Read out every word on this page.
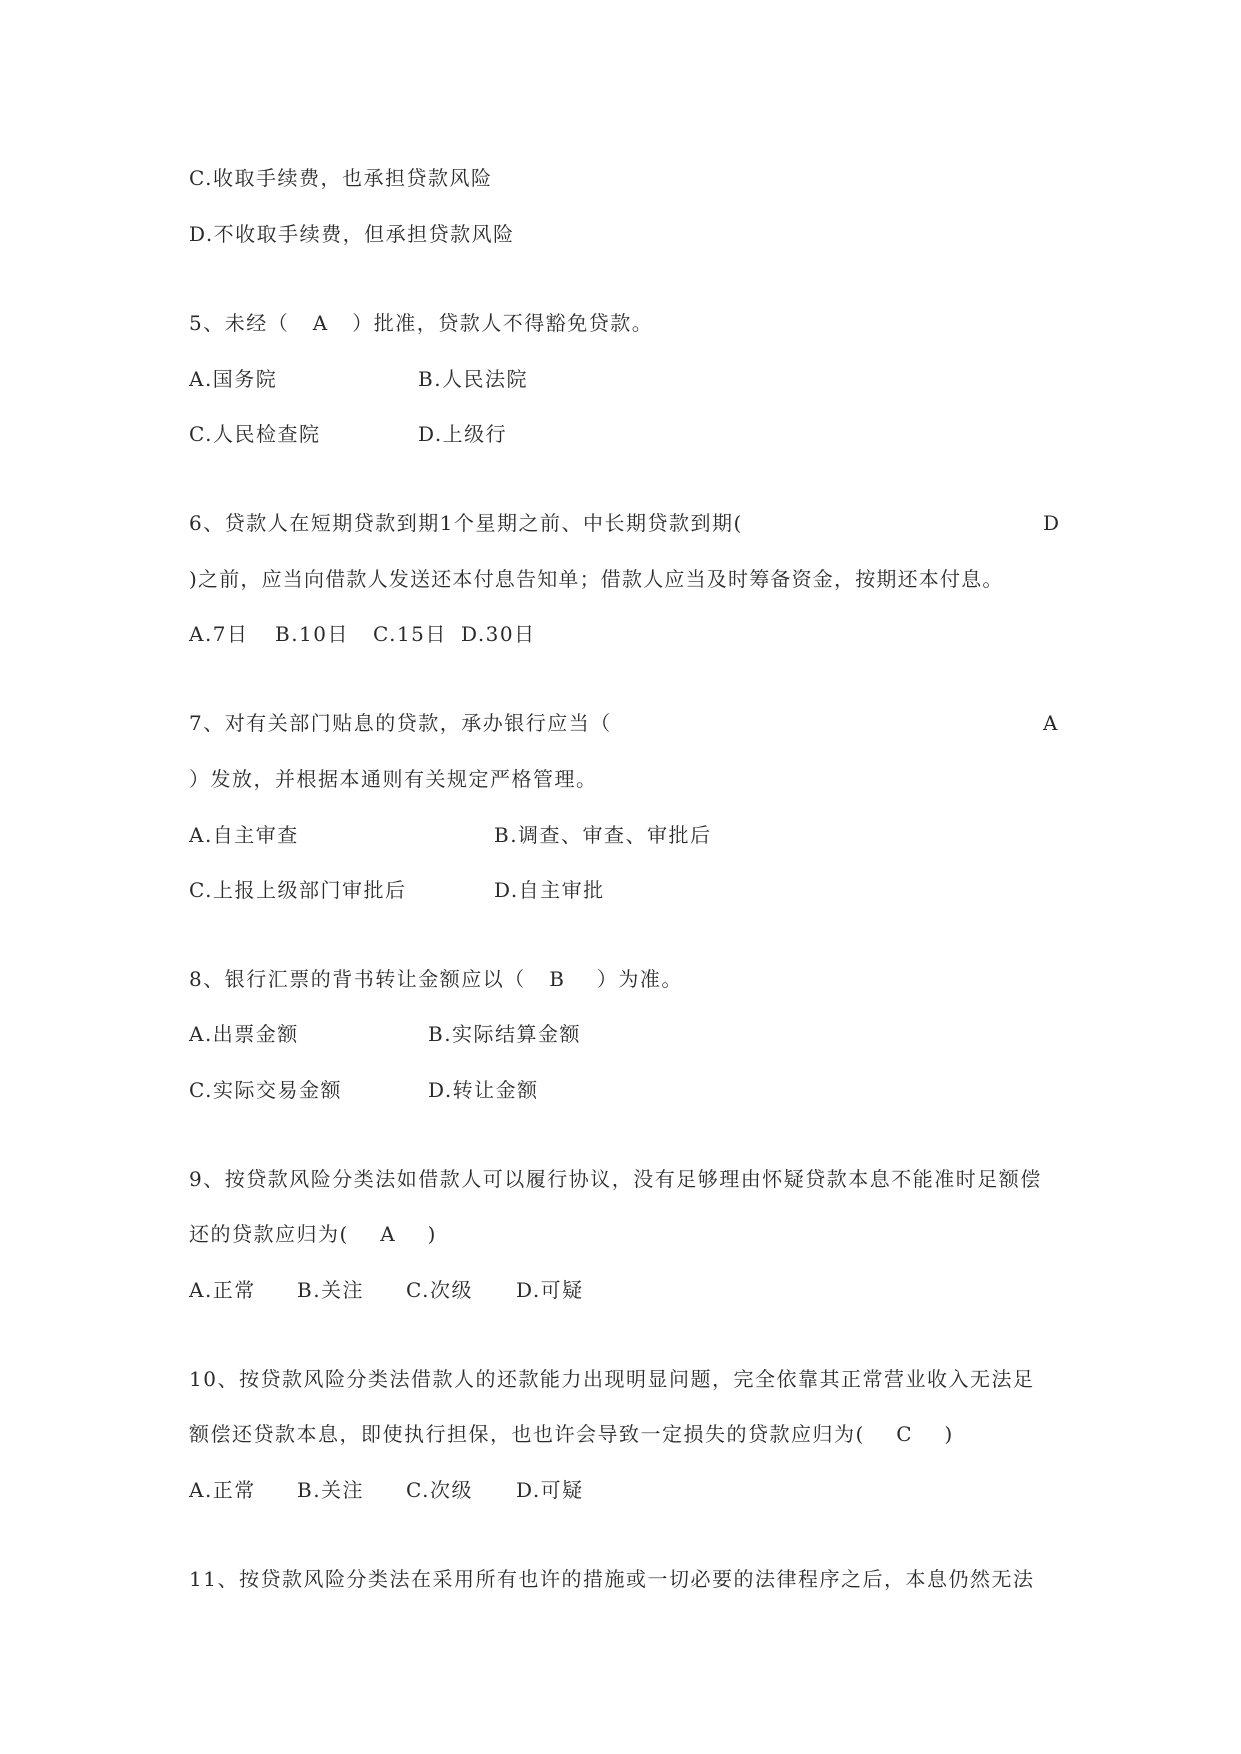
C.收取手续费，也承担贷款风险
D.不收取手续费，但承担贷款风险
5、未经（   A   ）批准，贷款人不得豁免贷款。
A.国务院	B.人民法院
C.人民检查院	D.上级行
6、贷款人在短期贷款到期1个星期之前、中长期贷款到期(	D
)之前，应当向借款人发送还本付息告知单；借款人应当及时筹备资金，按期还本付息。
A.7日 B.10日 C.15日 D.30日
7、对有关部门贴息的贷款，承办银行应当（	A
）发放，并根据本通则有关规定严格管理。
A.自主审查	B.调查、审查、审批后
C.上报上级部门审批后	D.自主审批
8、银行汇票的背书转让金额应以（   B    ）为准。
A.出票金额	B.实际结算金额
C.实际交易金额	D.转让金额
9、按贷款风险分类法如借款人可以履行协议，没有足够理由怀疑贷款本息不能准时足额偿
还的贷款应归为(    A    )
A.正常 B.关注 C.次级 D.可疑
10、按贷款风险分类法借款人的还款能力出现明显问题，完全依靠其正常营业收入无法足
额偿还贷款本息，即使执行担保，也也许会导致一定损失的贷款应归为(    C    )
A.正常 B.关注 C.次级 D.可疑
11、按贷款风险分类法在采用所有也许的措施或一切必要的法律程序之后，本息仍然无法
